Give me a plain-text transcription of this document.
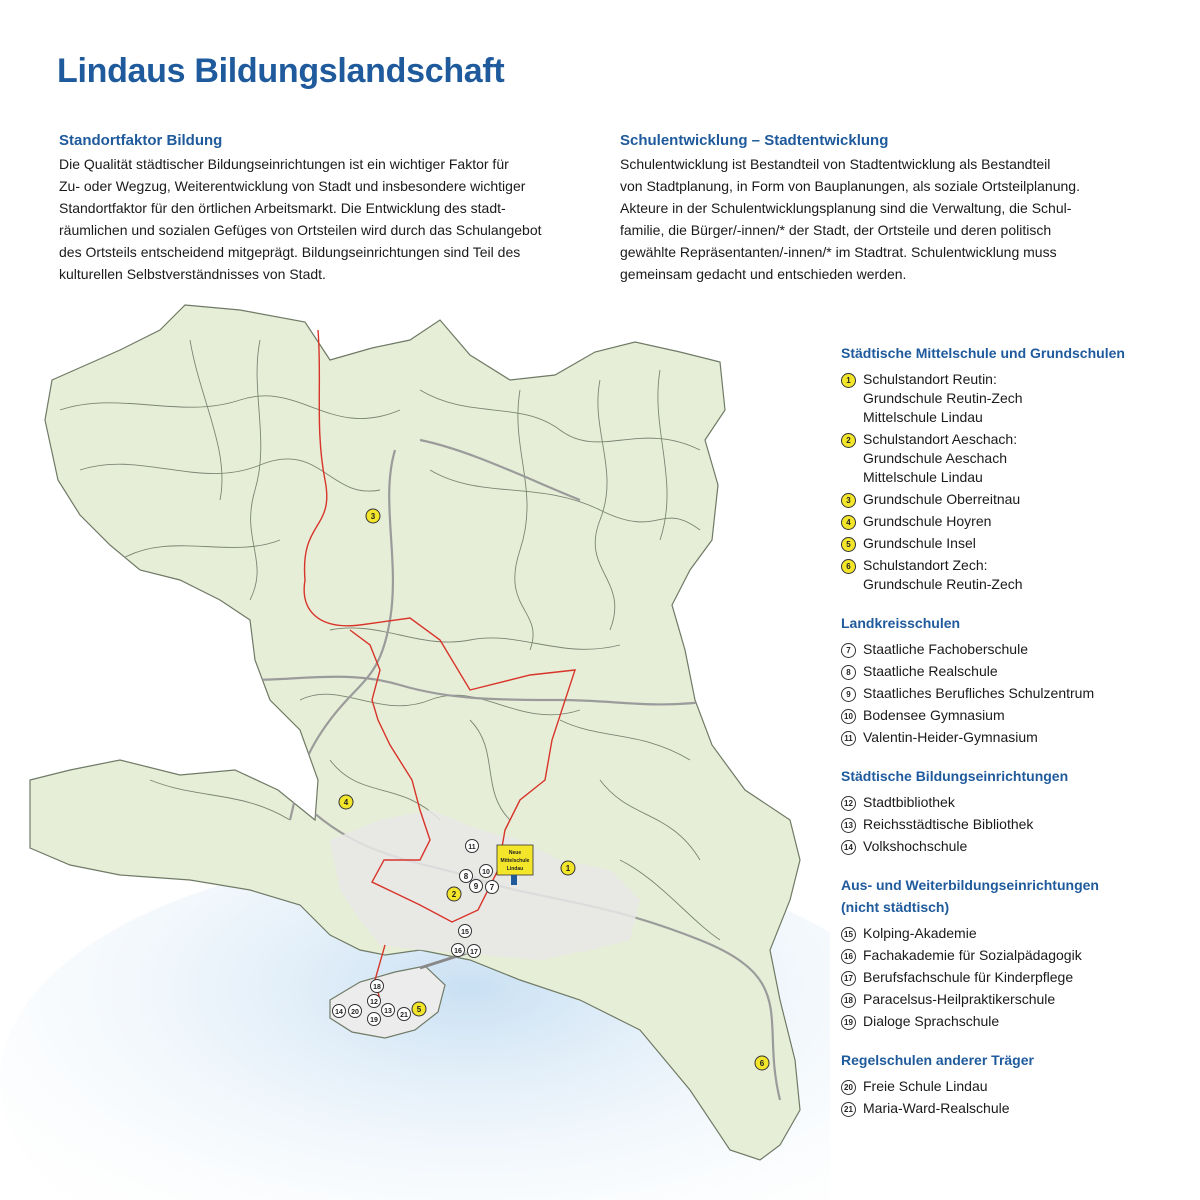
Lindaus Bildungslandschaft
Standortfaktor Bildung

Die Qualität städtischer Bildungseinrichtungen ist ein wichtiger Faktor für
Zu- oder Wegzug, Weiterentwicklung von Stadt und insbesondere wichtiger
Standortfaktor für den örtlichen Arbeitsmarkt. Die Entwicklung des stadt-
räumlichen und sozialen Gefüges von Ortsteilen wird durch das Schulangebot
des Ortsteils entscheidend mitgeprägt. Bildungseinrichtungen sind Teil des
kulturellen Selbstverständnisses von Stadt.

Schulentwicklung – Stadtentwicklung

Schulentwicklung ist Bestandteil von Stadtentwicklung als Bestandteil
von Stadtplanung, in Form von Bauplanungen, als soziale Ortsteilplanung.
Akteure in der Schulentwicklungsplanung sind die Verwaltung, die Schul-
familie, die Bürger/-innen/* der Stadt, der Ortsteile und deren politisch
gewählte Repräsentanten/-innen/* im Stadtrat. Schulentwicklung muss
gemeinsam gedacht und entschieden werden.

Neue
Mittelschule
Lindau	1
2
3
4
5
6
7
8
9
10
11
12
13
14
15
16 17
18
19
20	21
Städtische Mittelschule und Grundschulen
1 Schulstandort Reutin:
Grundschule Reutin-Zech
Mittelschule Lindau
2 Schulstandort Aeschach:
Grundschule Aeschach
Mittelschule Lindau
3 Grundschule Oberreitnau
4 Grundschule Hoyren
5 Grundschule Insel
6 Schulstandort Zech:
Grundschule Reutin-Zech
Landkreisschulen
7 Staatliche Fachoberschule
8 Staatliche Realschule
9 Staatliches Berufliches Schulzentrum
10 Bodensee Gymnasium
11 Valentin-Heider-Gymnasium
Städtische Bildungseinrichtungen
12 Stadtbibliothek
13 Reichsstädtische Bibliothek
14 Volkshochschule
Aus- und Weiterbildungseinrichtungen
(nicht städtisch)
15 Kolping-Akademie
16 Fachakademie für Sozialpädagogik
17 Berufsfachschule für Kinderpflege
18 Paracelsus-Heilpraktikerschule
19 Dialoge Sprachschule
Regelschulen anderer Träger
20 Freie Schule Lindau
21 Maria-Ward-Realschule
